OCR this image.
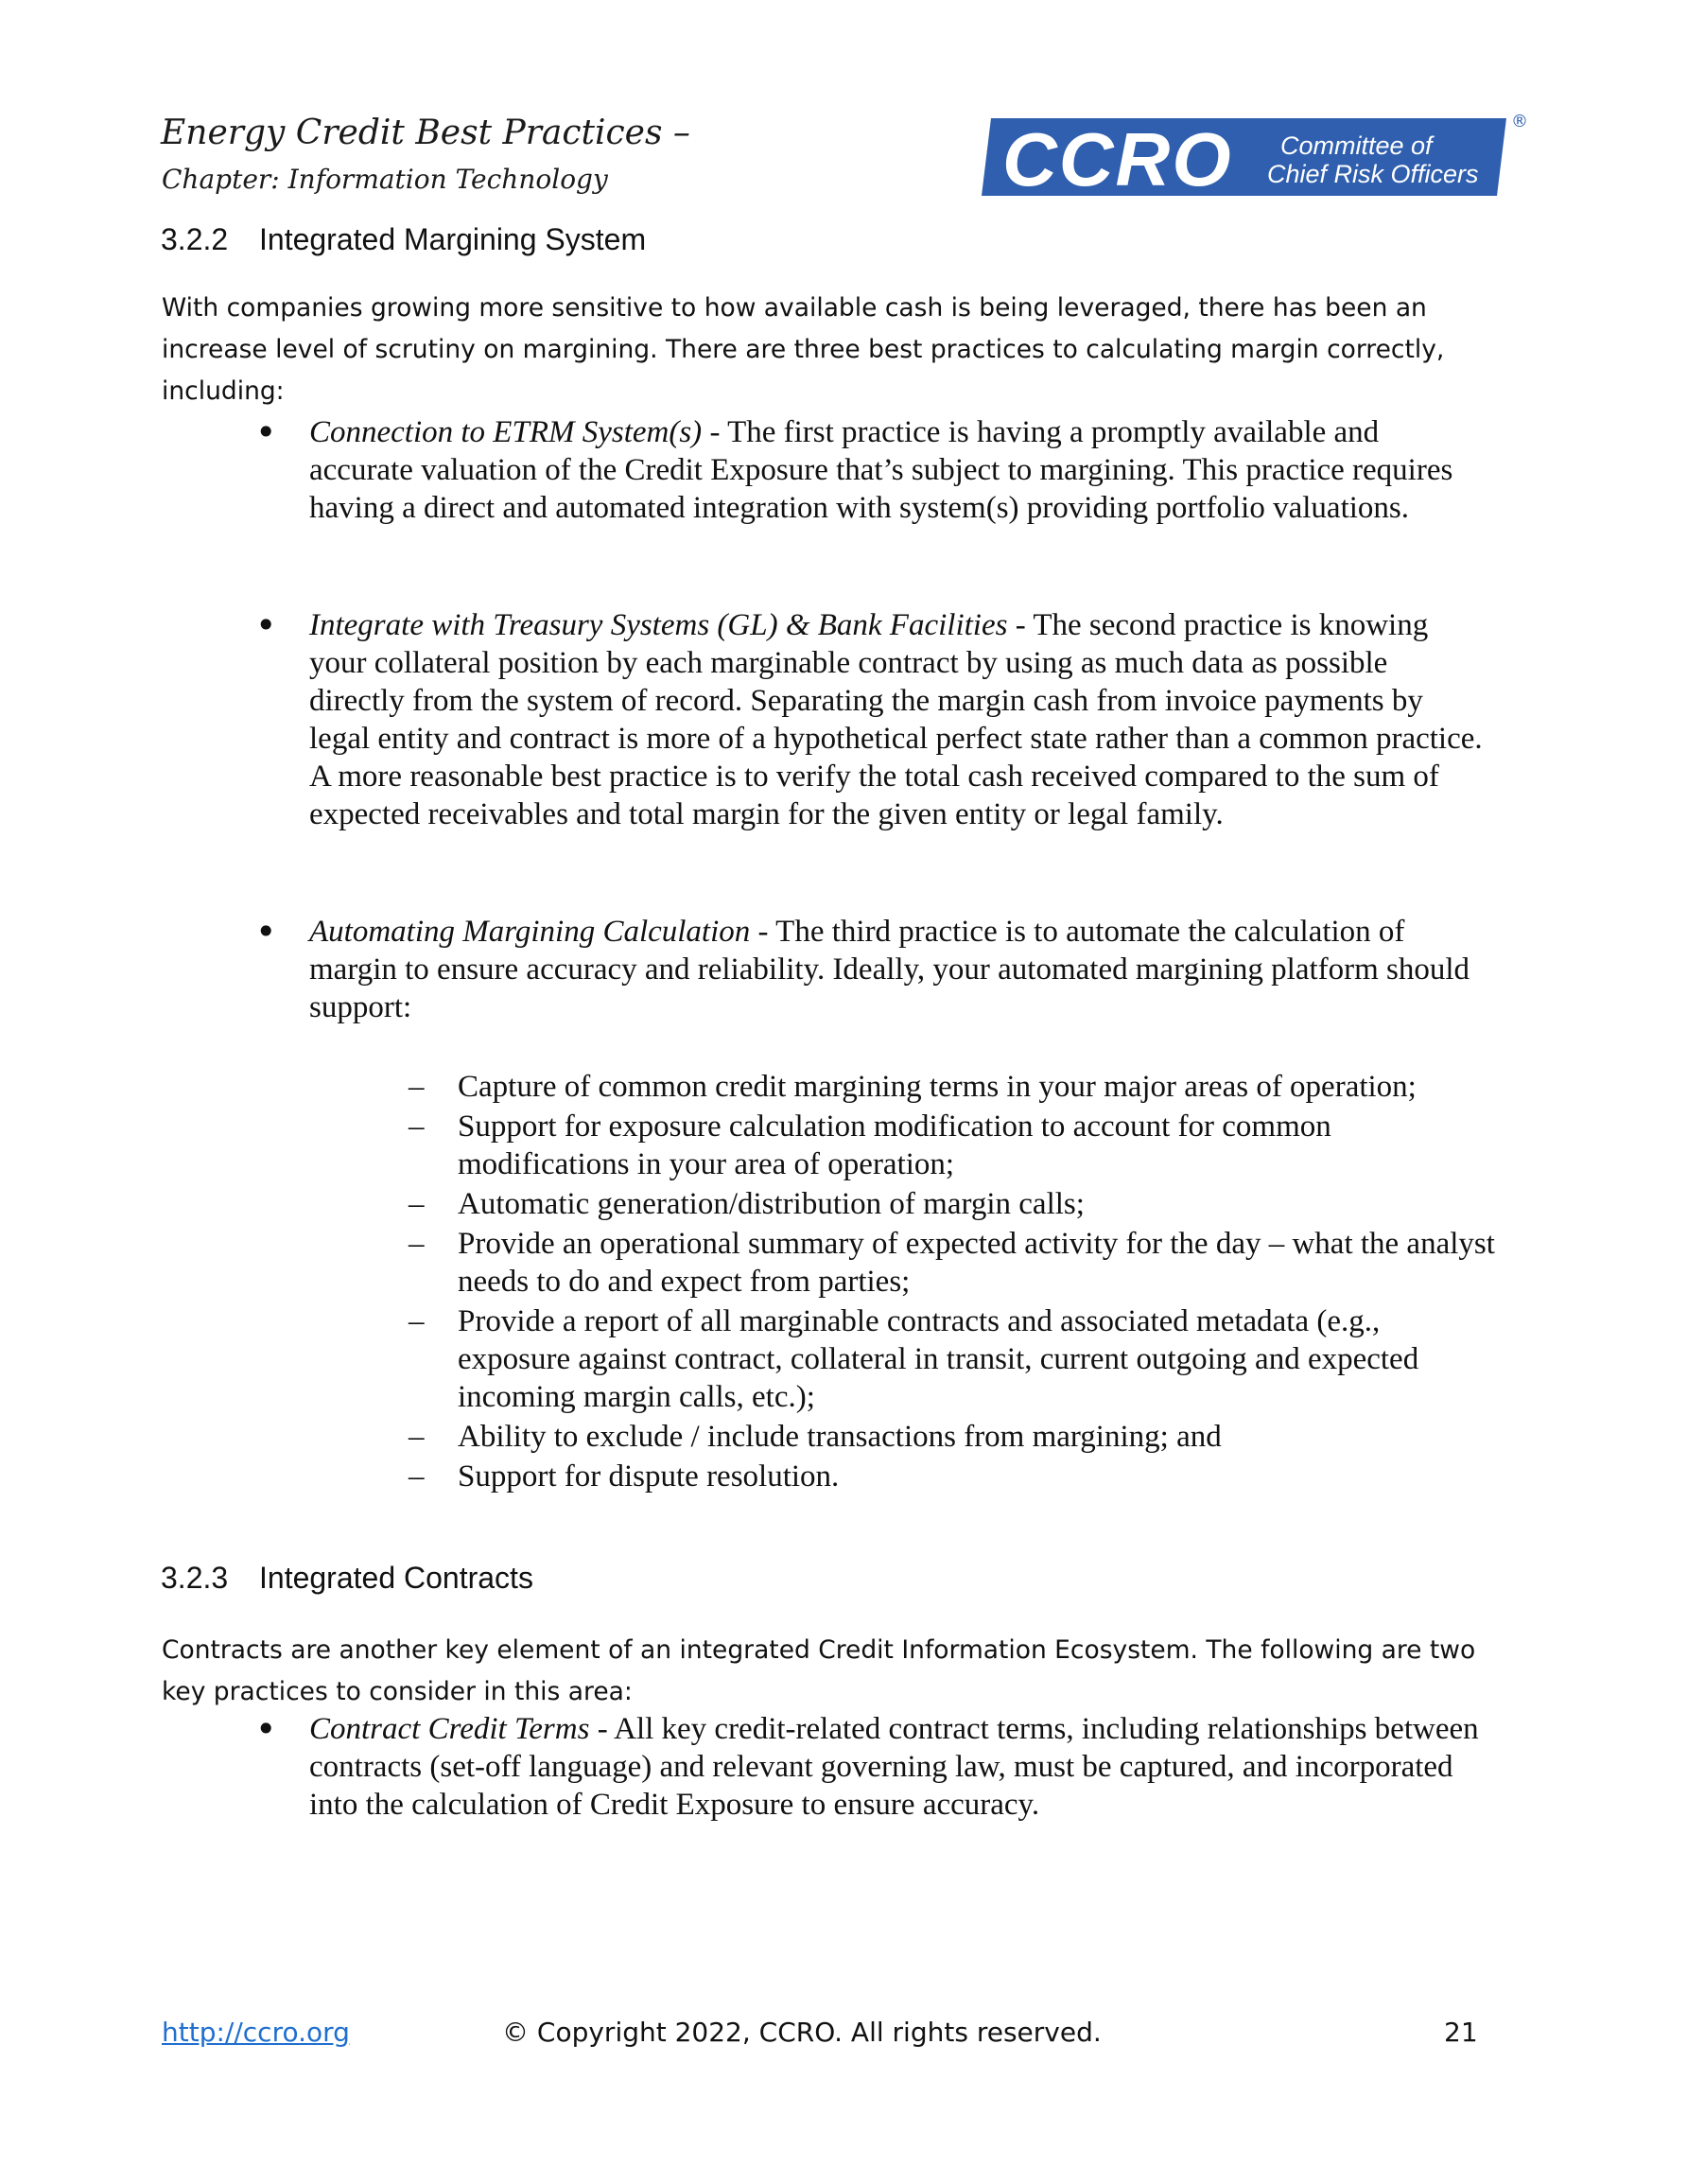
Energy Credit Best Practices –

Chapter: Information Technology	CCRO Committee of
Chief Risk Officers
®
3.2.2 Integrated Margining System

With companies growing more sensitive to how available cash is being leveraged, there has been an increase level of scrutiny on margining. There are three best practices to calculating margin correctly, including:

• Connection to ETRM System(s) - The first practice is having a promptly available and accurate valuation of the Credit Exposure that’s subject to margining. This practice requires having a direct and automated integration with system(s) providing portfolio valuations.
• Integrate with Treasury Systems (GL) & Bank Facilities - The second practice is knowing your collateral position by each marginable contract by using as much data as possible directly from the system of record. Separating the margin cash from invoice payments by legal entity and contract is more of a hypothetical perfect state rather than a common practice. A more reasonable best practice is to verify the total cash received compared to the sum of expected receivables and total margin for the given entity or legal family.
• Automating Margining Calculation - The third practice is to automate the calculation of margin to ensure accuracy and reliability. Ideally, your automated margining platform should support:
– Capture of common credit margining terms in your major areas of operation;
– Support for exposure calculation modification to account for common modifications in your area of operation;
– Automatic generation/distribution of margin calls;
– Provide an operational summary of expected activity for the day – what the analyst needs to do and expect from parties;
– Provide a report of all marginable contracts and associated metadata (e.g., exposure against contract, collateral in transit, current outgoing and expected incoming margin calls, etc.);
– Ability to exclude / include transactions from margining; and
– Support for dispute resolution.
3.2.3 Integrated Contracts

Contracts are another key element of an integrated Credit Information Ecosystem. The following are two key practices to consider in this area:

• Contract Credit Terms - All key credit-related contract terms, including relationships between contracts (set-off language) and relevant governing law, must be captured, and incorporated into the calculation of Credit Exposure to ensure accuracy.
http://ccro.org	© Copyright 2022, CCRO. All rights reserved.	21
